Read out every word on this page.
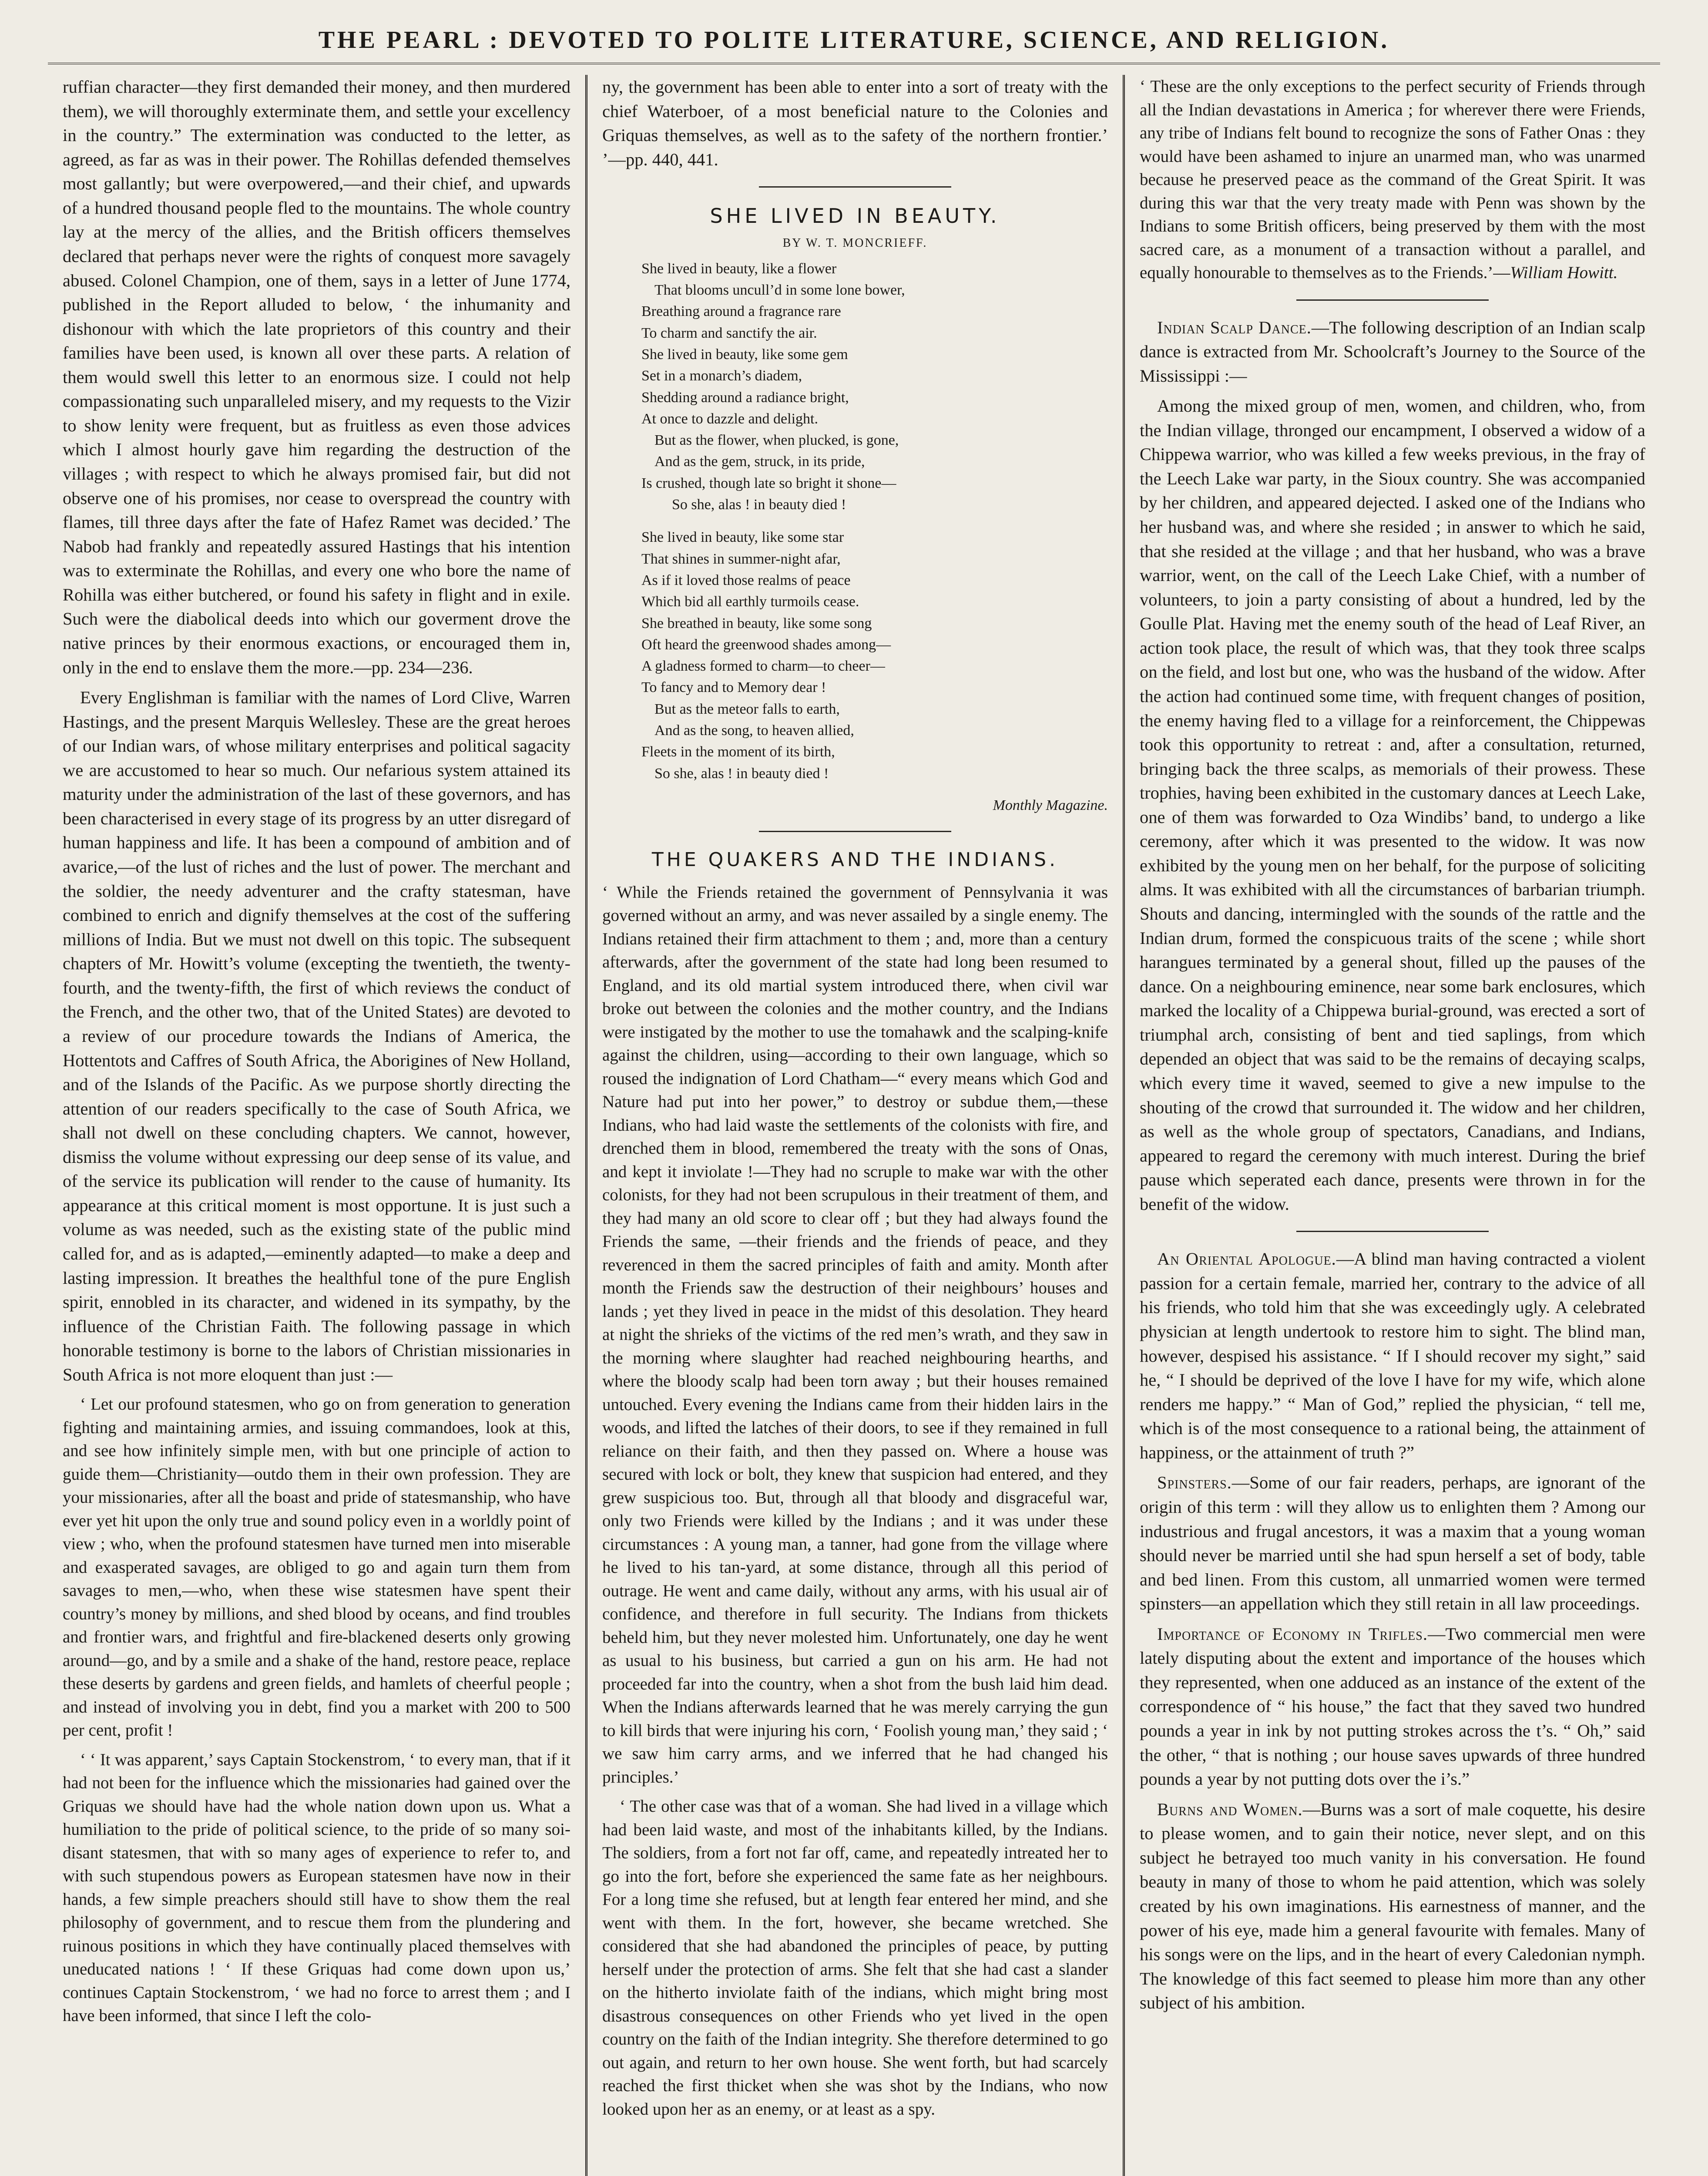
THE PEARL : DEVOTED TO POLITE LITERATURE, SCIENCE, AND RELIGION.

ruffian character—they first demanded their money, and then murdered them), we will thoroughly exterminate them, and settle your excellency in the country.” The extermination was conducted to the letter, as agreed, as far as was in their power. The Rohillas defended themselves most gallantly; but were overpowered,—and their chief, and upwards of a hundred thousand people fled to the mountains. The whole country lay at the mercy of the allies, and the British officers themselves declared that perhaps never were the rights of conquest more savagely abused. Colonel Champion, one of them, says in a letter of June 1774, published in the Report alluded to below, ‘ the inhumanity and dishonour with which the late proprietors of this country and their families have been used, is known all over these parts. A relation of them would swell this letter to an enormous size. I could not help compassionating such unparalleled misery, and my requests to the Vizir to show lenity were frequent, but as fruitless as even those advices which I almost hourly gave him regarding the destruction of the villages ; with respect to which he always promised fair, but did not observe one of his promises, nor cease to overspread the country with flames, till three days after the fate of Hafez Ramet was decided.’ The Nabob had frankly and repeatedly assured Hastings that his intention was to exterminate the Rohillas, and every one who bore the name of Rohilla was either butchered, or found his safety in flight and in exile. Such were the diabolical deeds into which our goverment drove the native princes by their enormous exactions, or encouraged them in, only in the end to enslave them the more.—pp. 234—236.

Every Englishman is familiar with the names of Lord Clive, Warren Hastings, and the present Marquis Wellesley. These are the great heroes of our Indian wars, of whose military enterprises and political sagacity we are accustomed to hear so much. Our nefarious system attained its maturity under the administration of the last of these governors, and has been characterised in every stage of its progress by an utter disregard of human happiness and life. It has been a compound of ambition and of avarice,—of the lust of riches and the lust of power. The merchant and the soldier, the needy adventurer and the crafty statesman, have combined to enrich and dignify themselves at the cost of the suffering millions of India. But we must not dwell on this topic. The subsequent chapters of Mr. Howitt’s volume (excepting the twentieth, the twenty-fourth, and the twenty-fifth, the first of which reviews the conduct of the French, and the other two, that of the United States) are devoted to a review of our procedure towards the Indians of America, the Hottentots and Caffres of South Africa, the Aborigines of New Holland, and of the Islands of the Pacific. As we purpose shortly directing the attention of our readers specifically to the case of South Africa, we shall not dwell on these concluding chapters. We cannot, however, dismiss the volume without expressing our deep sense of its value, and of the service its publication will render to the cause of humanity. Its appearance at this critical moment is most opportune. It is just such a volume as was needed, such as the existing state of the public mind called for, and as is adapted,—eminently adapted—to make a deep and lasting impression. It breathes the healthful tone of the pure English spirit, ennobled in its character, and widened in its sympathy, by the influence of the Christian Faith. The following passage in which honorable testimony is borne to the labors of Christian missionaries in South Africa is not more eloquent than just :—

‘ Let our profound statesmen, who go on from generation to generation fighting and maintaining armies, and issuing commandoes, look at this, and see how infinitely simple men, with but one principle of action to guide them—Christianity—outdo them in their own profession. They are your missionaries, after all the boast and pride of statesmanship, who have ever yet hit upon the only true and sound policy even in a worldly point of view ; who, when the profound statesmen have turned men into miserable and exasperated savages, are obliged to go and again turn them from savages to men,—who, when these wise statesmen have spent their country’s money by millions, and shed blood by oceans, and find troubles and frontier wars, and frightful and fire-blackened deserts only growing around—go, and by a smile and a shake of the hand, restore peace, replace these deserts by gardens and green fields, and hamlets of cheerful people ; and instead of involving you in debt, find you a market with 200 to 500 per cent, profit !

‘ ‘ It was apparent,’ says Captain Stockenstrom, ‘ to every man, that if it had not been for the influence which the missionaries had gained over the Griquas we should have had the whole nation down upon us. What a humiliation to the pride of political science, to the pride of so many soi-disant statesmen, that with so many ages of experience to refer to, and with such stupendous powers as European statesmen have now in their hands, a few simple preachers should still have to show them the real philosophy of government, and to rescue them from the plundering and ruinous positions in which they have continually placed themselves with uneducated nations ! ‘ If these Griquas had come down upon us,’ continues Captain Stockenstrom, ‘ we had no force to arrest them ; and I have been informed, that since I left the colo-

ny, the government has been able to enter into a sort of treaty with the chief Waterboer, of a most beneficial nature to the Colonies and Griquas themselves, as well as to the safety of the northern frontier.’ ’—pp. 440, 441.

SHE LIVED IN BEAUTY.
BY W. T. MONCRIEFF.
She lived in beauty, like a flower
That blooms uncull’d in some lone bower,
Breathing around a fragrance rare
To charm and sanctify the air.
She lived in beauty, like some gem
Set in a monarch’s diadem,
Shedding around a radiance bright,
At once to dazzle and delight.
But as the flower, when plucked, is gone,
And as the gem, struck, in its pride,
Is crushed, though late so bright it shone—
So she, alas ! in beauty died !
She lived in beauty, like some star
That shines in summer-night afar,
As if it loved those realms of peace
Which bid all earthly turmoils cease.
She breathed in beauty, like some song
Oft heard the greenwood shades among—
A gladness formed to charm—to cheer—
To fancy and to Memory dear !
But as the meteor falls to earth,
And as the song, to heaven allied,
Fleets in the moment of its birth,
So she, alas ! in beauty died !
Monthly Magazine.
THE QUAKERS AND THE INDIANS.

‘ While the Friends retained the government of Pennsylvania it was governed without an army, and was never assailed by a single enemy. The Indians retained their firm attachment to them ; and, more than a century afterwards, after the government of the state had long been resumed to England, and its old martial system introduced there, when civil war broke out between the colonies and the mother country, and the Indians were instigated by the mother to use the tomahawk and the scalping-knife against the children, using—according to their own language, which so roused the indignation of Lord Chatham—“ every means which God and Nature had put into her power,” to destroy or subdue them,—these Indians, who had laid waste the settlements of the colonists with fire, and drenched them in blood, remembered the treaty with the sons of Onas, and kept it inviolate !—They had no scruple to make war with the other colonists, for they had not been scrupulous in their treatment of them, and they had many an old score to clear off ; but they had always found the Friends the same, —their friends and the friends of peace, and they reverenced in them the sacred principles of faith and amity. Month after month the Friends saw the destruction of their neighbours’ houses and lands ; yet they lived in peace in the midst of this desolation. They heard at night the shrieks of the victims of the red men’s wrath, and they saw in the morning where slaughter had reached neighbouring hearths, and where the bloody scalp had been torn away ; but their houses remained untouched. Every evening the Indians came from their hidden lairs in the woods, and lifted the latches of their doors, to see if they remained in full reliance on their faith, and then they passed on. Where a house was secured with lock or bolt, they knew that suspicion had entered, and they grew suspicious too. But, through all that bloody and disgraceful war, only two Friends were killed by the Indians ; and it was under these circumstances : A young man, a tanner, had gone from the village where he lived to his tan-yard, at some distance, through all this period of outrage. He went and came daily, without any arms, with his usual air of confidence, and therefore in full security. The Indians from thickets beheld him, but they never molested him. Unfortunately, one day he went as usual to his business, but carried a gun on his arm. He had not proceeded far into the country, when a shot from the bush laid him dead. When the Indians afterwards learned that he was merely carrying the gun to kill birds that were injuring his corn, ‘ Foolish young man,’ they said ; ‘ we saw him carry arms, and we inferred that he had changed his principles.’

‘ The other case was that of a woman. She had lived in a village which had been laid waste, and most of the inhabitants killed, by the Indians. The soldiers, from a fort not far off, came, and repeatedly intreated her to go into the fort, before she experienced the same fate as her neighbours. For a long time she refused, but at length fear entered her mind, and she went with them. In the fort, however, she became wretched. She considered that she had abandoned the principles of peace, by putting herself under the protection of arms. She felt that she had cast a slander on the hitherto inviolate faith of the indians, which might bring most disastrous consequences on other Friends who yet lived in the open country on the faith of the Indian integrity. She therefore determined to go out again, and return to her own house. She went forth, but had scarcely reached the first thicket when she was shot by the Indians, who now looked upon her as an enemy, or at least as a spy.

‘ These are the only exceptions to the perfect security of Friends through all the Indian devastations in America ; for wherever there were Friends, any tribe of Indians felt bound to recognize the sons of Father Onas : they would have been ashamed to injure an unarmed man, who was unarmed because he preserved peace as the command of the Great Spirit. It was during this war that the very treaty made with Penn was shown by the Indians to some British officers, being preserved by them with the most sacred care, as a monument of a transaction without a parallel, and equally honourable to themselves as to the Friends.’—William Howitt.

Indian Scalp Dance.—The following description of an Indian scalp dance is extracted from Mr. Schoolcraft’s Journey to the Source of the Mississippi :—

Among the mixed group of men, women, and children, who, from the Indian village, thronged our encampment, I observed a widow of a Chippewa warrior, who was killed a few weeks previous, in the fray of the Leech Lake war party, in the Sioux country. She was accompanied by her children, and appeared dejected. I asked one of the Indians who her husband was, and where she resided ; in answer to which he said, that she resided at the village ; and that her husband, who was a brave warrior, went, on the call of the Leech Lake Chief, with a number of volunteers, to join a party consisting of about a hundred, led by the Goulle Plat. Having met the enemy south of the head of Leaf River, an action took place, the result of which was, that they took three scalps on the field, and lost but one, who was the husband of the widow. After the action had continued some time, with frequent changes of position, the enemy having fled to a village for a reinforcement, the Chippewas took this opportunity to retreat : and, after a consultation, returned, bringing back the three scalps, as memorials of their prowess. These trophies, having been exhibited in the customary dances at Leech Lake, one of them was forwarded to Oza Windibs’ band, to undergo a like ceremony, after which it was presented to the widow. It was now exhibited by the young men on her behalf, for the purpose of soliciting alms. It was exhibited with all the circumstances of barbarian triumph. Shouts and dancing, intermingled with the sounds of the rattle and the Indian drum, formed the conspicuous traits of the scene ; while short harangues terminated by a general shout, filled up the pauses of the dance. On a neighbouring eminence, near some bark enclosures, which marked the locality of a Chippewa burial-ground, was erected a sort of triumphal arch, consisting of bent and tied saplings, from which depended an object that was said to be the remains of decaying scalps, which every time it waved, seemed to give a new impulse to the shouting of the crowd that surrounded it. The widow and her children, as well as the whole group of spectators, Canadians, and Indians, appeared to regard the ceremony with much interest. During the brief pause which seperated each dance, presents were thrown in for the benefit of the widow.

An Oriental Apologue.—A blind man having contracted a violent passion for a certain female, married her, contrary to the advice of all his friends, who told him that she was exceedingly ugly. A celebrated physician at length undertook to restore him to sight. The blind man, however, despised his assistance. “ If I should recover my sight,” said he, “ I should be deprived of the love I have for my wife, which alone renders me happy.” “ Man of God,” replied the physician, “ tell me, which is of the most consequence to a rational being, the attainment of happiness, or the attainment of truth ?”

Spinsters.—Some of our fair readers, perhaps, are ignorant of the origin of this term : will they allow us to enlighten them ? Among our industrious and frugal ancestors, it was a maxim that a young woman should never be married until she had spun herself a set of body, table and bed linen. From this custom, all unmarried women were termed spinsters—an appellation which they still retain in all law proceedings.

Importance of Economy in Trifles.—Two commercial men were lately disputing about the extent and importance of the houses which they represented, when one adduced as an instance of the extent of the correspondence of “ his house,” the fact that they saved two hundred pounds a year in ink by not putting strokes across the t’s. “ Oh,” said the other, “ that is nothing ; our house saves upwards of three hundred pounds a year by not putting dots over the i’s.”

Burns and Women.—Burns was a sort of male coquette, his desire to please women, and to gain their notice, never slept, and on this subject he betrayed too much vanity in his conversation. He found beauty in many of those to whom he paid attention, which was solely created by his own imaginations. His earnestness of manner, and the power of his eye, made him a general favourite with females. Many of his songs were on the lips, and in the heart of every Caledonian nymph. The knowledge of this fact seemed to please him more than any other subject of his ambition.
